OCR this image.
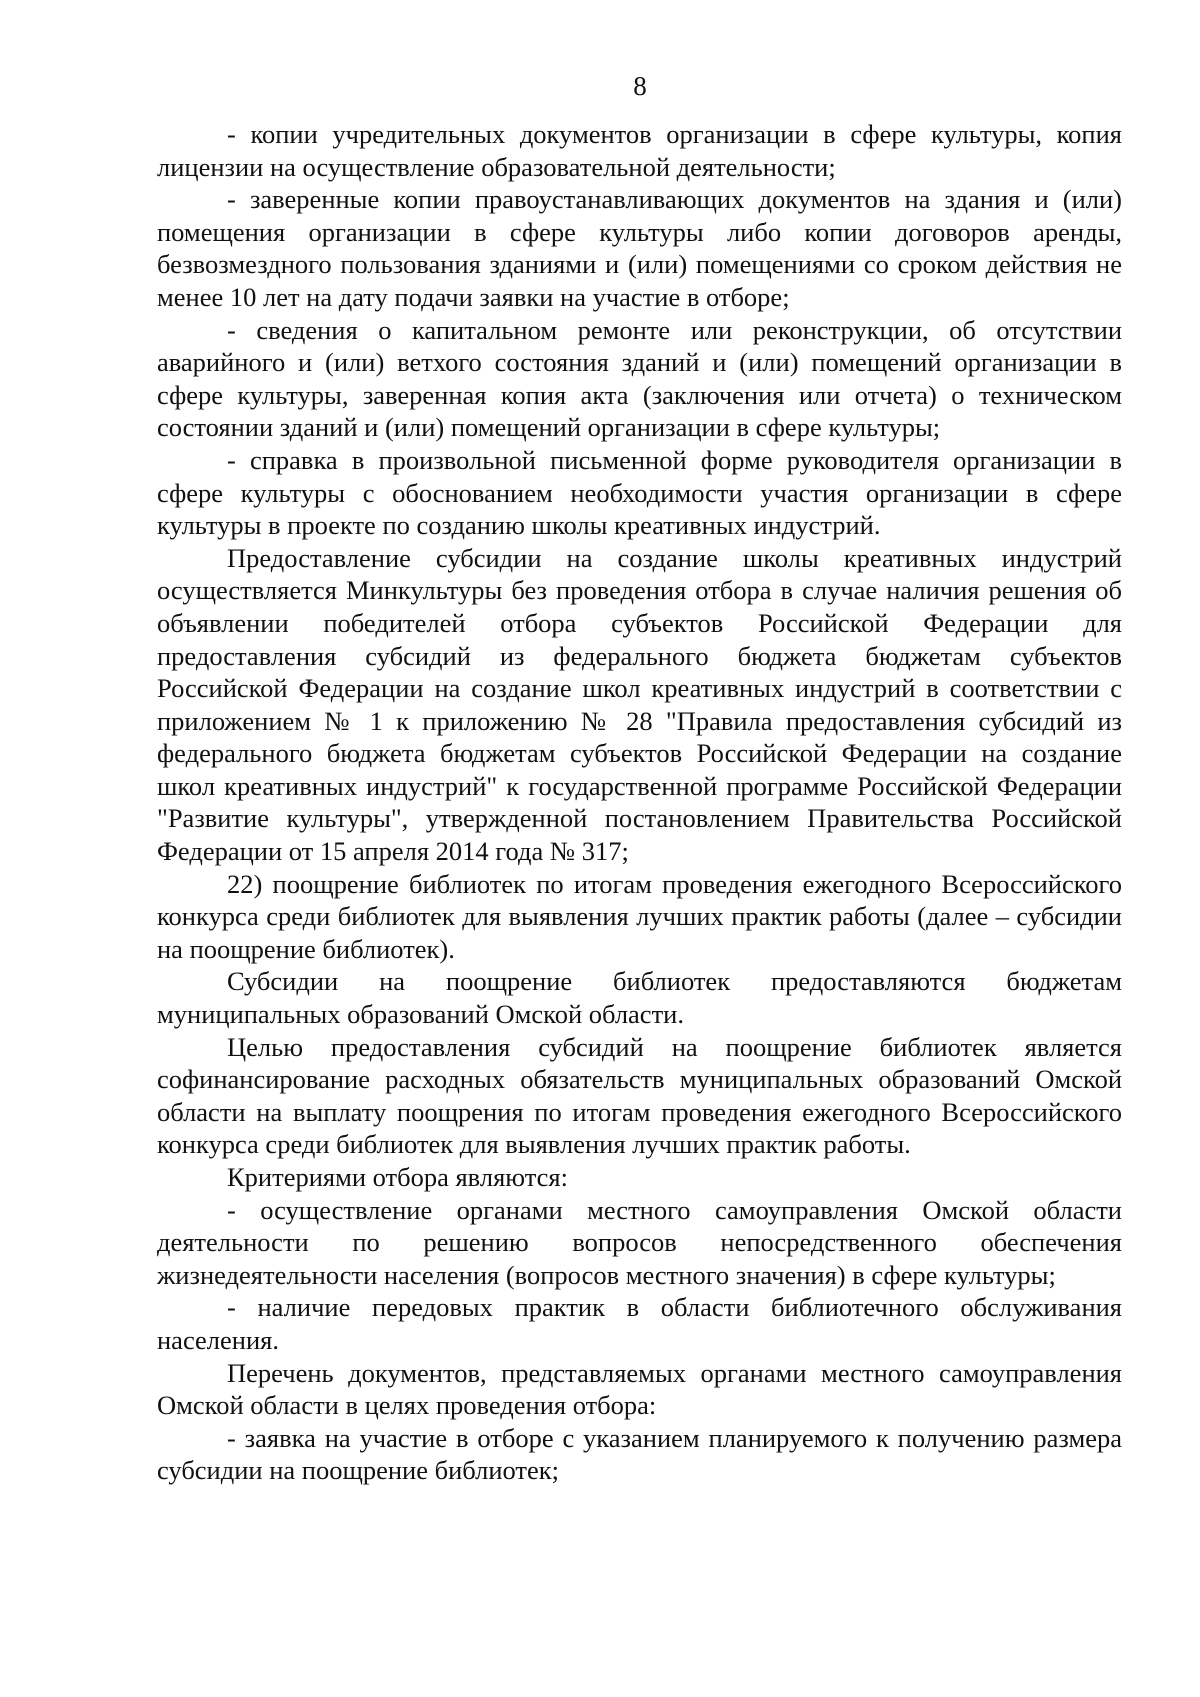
8

- копии учредительных документов организации в сфере культуры, копия лицензии на осуществление образовательной деятельности;

- заверенные копии правоустанавливающих документов на здания и (или) помещения организации в сфере культуры либо копии договоров аренды, безвозмездного пользования зданиями и (или) помещениями со сроком действия не менее 10 лет на дату подачи заявки на участие в отборе;

- сведения о капитальном ремонте или реконструкции, об отсутствии аварийного и (или) ветхого состояния зданий и (или) помещений организации в сфере культуры, заверенная копия акта (заключения или отчета) о техническом состоянии зданий и (или) помещений организации в сфере культуры;

- справка в произвольной письменной форме руководителя организации в сфере культуры с обоснованием необходимости участия организации в сфере культуры в проекте по созданию школы креативных индустрий.

Предоставление субсидии на создание школы креативных индустрий осуществляется Минкультуры без проведения отбора в случае наличия решения об объявлении победителей отбора субъектов Российской Федерации для предоставления субсидий из федерального бюджета бюджетам субъектов Российской Федерации на создание школ креативных индустрий в соответствии с приложением № 1 к приложению № 28 "Правила предоставления субсидий из федерального бюджета бюджетам субъектов Российской Федерации на создание школ креативных индустрий" к государственной программе Российской Федерации "Развитие культуры", утвержденной постановлением Правительства Российской Федерации от 15 апреля 2014 года № 317;

22) поощрение библиотек по итогам проведения ежегодного Всероссийского конкурса среди библиотек для выявления лучших практик работы (далее – субсидии на поощрение библиотек).

Субсидии на поощрение библиотек предоставляются бюджетам муниципальных образований Омской области.

Целью предоставления субсидий на поощрение библиотек является софинансирование расходных обязательств муниципальных образований Омской области на выплату поощрения по итогам проведения ежегодного Всероссийского конкурса среди библиотек для выявления лучших практик работы.

Критериями отбора являются:

- осуществление органами местного самоуправления Омской области деятельности по решению вопросов непосредственного обеспечения жизнедеятельности населения (вопросов местного значения) в сфере культуры;

- наличие передовых практик в области библиотечного обслуживания населения.

Перечень документов, представляемых органами местного самоуправления Омской области в целях проведения отбора:

- заявка на участие в отборе с указанием планируемого к получению размера субсидии на поощрение библиотек;
